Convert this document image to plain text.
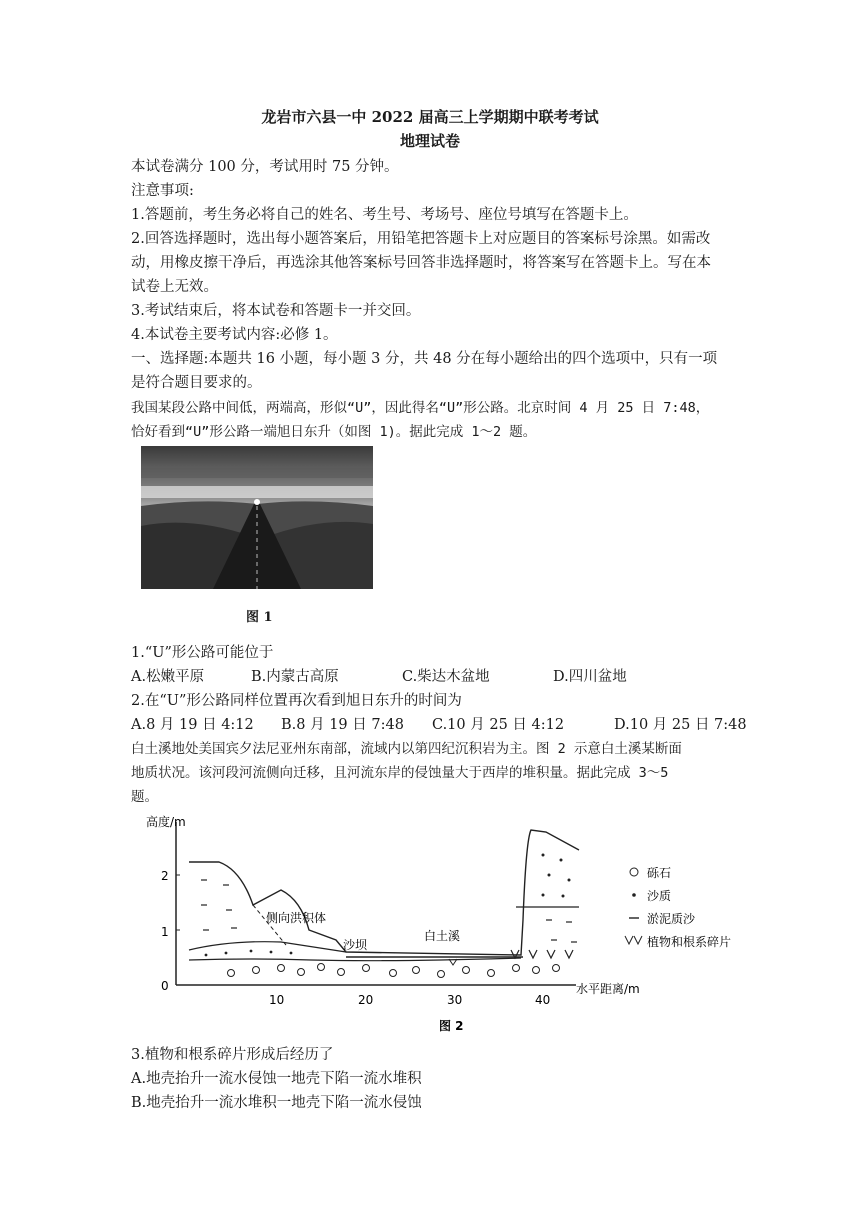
龙岩市六县一中 2022 届高三上学期期中联考考试
地理试卷
本试卷满分 100 分，考试用时 75 分钟。
注意事项:
1.答题前，考生务必将自己的姓名、考生号、考场号、座位号填写在答题卡上。
2.回答选择题时，选出每小题答案后，用铅笔把答题卡上对应题目的答案标号涂黑。如需改
动，用橡皮擦干净后，再选涂其他答案标号回答非选择题时，将答案写在答题卡上。写在本
试卷上无效。
3.考试结束后，将本试卷和答题卡一并交回。
4.本试卷主要考试内容:必修 1。
一、选择题:本题共 16 小题，每小题 3 分，共 48 分在每小题给出的四个选项中，只有一项
是符合题目要求的。
我国某段公路中间低，两端高，形似“U”，因此得名“U”形公路。北京时间 4 月 25 日 7:48，
恰好看到“U”形公路一端旭日东升（如图 1)。据此完成 1～2 题。
图 1
1.“U”形公路可能位于
A.松嫩平原	B.内蒙古高原	C.柴达木盆地	D.四川盆地
2.在“U”形公路同样位置再次看到旭日东升的时间为
A.8 月 19 日 4:12 B.8 月 19 日 7:48 C.10 月 25 日 4:12	D.10 月 25 日 7:48
白土溪地处美国宾夕法尼亚州东南部，流域内以第四纪沉积岩为主。图 2 示意白土溪某断面
地质状况。该河段河流侧向迁移，且河流东岸的侵蚀量大于西岸的堆积量。据此完成 3～5
题。
高度/m
水平距离/m
0
1
2
10	20	30	40
侧向洪积体
沙坝
白土溪
砾石
沙质
淤泥质沙
植物和根系碎片
图 2
3.植物和根系碎片形成后经历了
A.地壳抬升一流水侵蚀一地壳下陷一流水堆积
B.地壳抬升一流水堆积一地壳下陷一流水侵蚀
